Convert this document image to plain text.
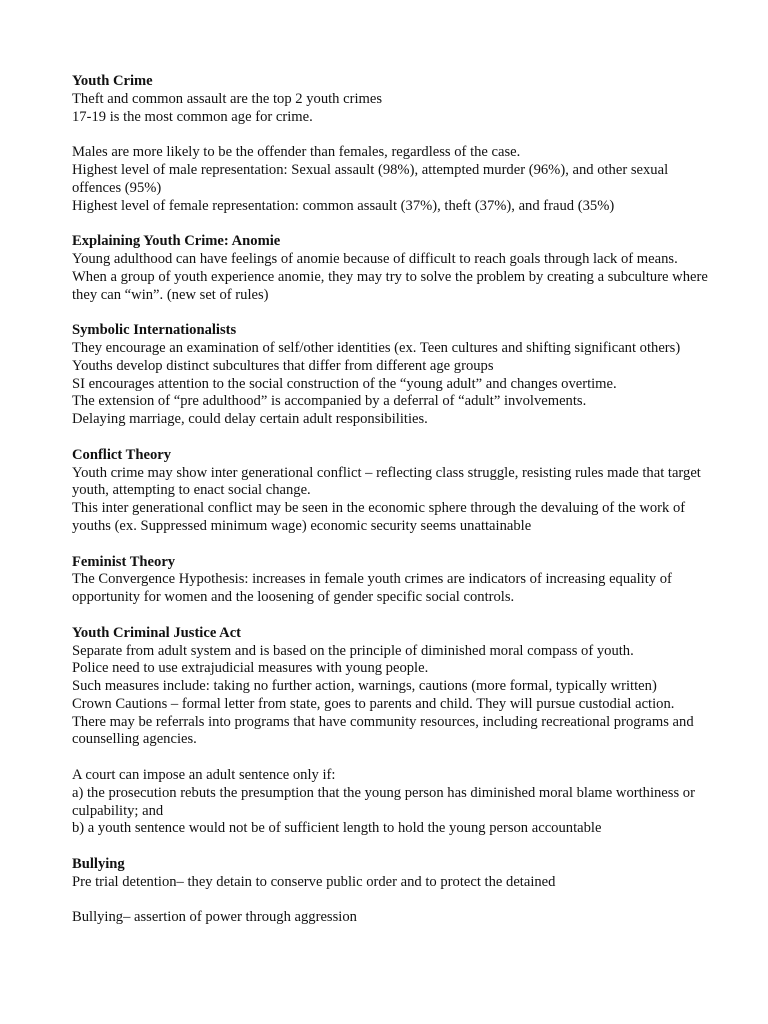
Youth Crime
Theft and common assault are the top 2 youth crimes
17-19 is the most common age for crime.
Males are more likely to be the offender than females, regardless of the case.
Highest level of male representation: Sexual assault (98%), attempted murder (96%), and other sexual offences (95%)
Highest level of female representation: common assault (37%), theft (37%), and fraud (35%)
Explaining Youth Crime: Anomie
Young adulthood can have feelings of anomie because of difficult to reach goals through lack of means.
When a group of youth experience anomie, they may try to solve the problem by creating a subculture where they can “win”. (new set of rules)
Symbolic Internationalists
They encourage an examination of self/other identities (ex. Teen cultures and shifting significant others)
Youths develop distinct subcultures that differ from different age groups
SI encourages attention to the social construction of the “young adult” and changes overtime.
The extension of “pre adulthood” is accompanied by a deferral of “adult” involvements.
Delaying marriage, could delay certain adult responsibilities.
Conflict Theory
Youth crime may show inter generational conflict – reflecting class struggle, resisting rules made that target youth, attempting to enact social change.
This inter generational conflict may be seen in the economic sphere through the devaluing of the work of youths (ex. Suppressed minimum wage) economic security seems unattainable
Feminist Theory
The Convergence Hypothesis: increases in female youth crimes are indicators of increasing equality of opportunity for women and the loosening of gender specific social controls.
Youth Criminal Justice Act
Separate from adult system and is based on the principle of diminished moral compass of youth.
Police need to use extrajudicial measures with young people.
Such measures include: taking no further action, warnings, cautions (more formal, typically written)
Crown Cautions – formal letter from state, goes to parents and child. They will pursue custodial action.
There may be referrals into programs that have community resources, including recreational programs and counselling agencies.
A court can impose an adult sentence only if:
a) the prosecution rebuts the presumption that the young person has diminished moral blame worthiness or culpability; and
b) a youth sentence would not be of sufficient length to hold the young person accountable
Bullying
Pre trial detention– they detain to conserve public order and to protect the detained
Bullying– assertion of power through aggression
